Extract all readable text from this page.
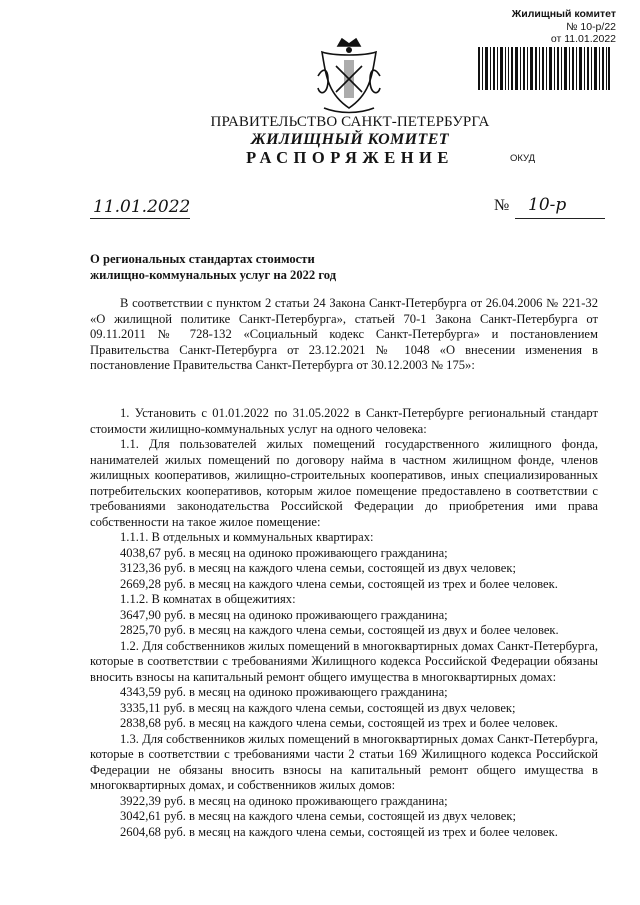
Жилищный комитет
№ 10-р/22
от 11.01.2022
ПРАВИТЕЛЬСТВО САНКТ-ПЕТЕРБУРГА
ЖИЛИЩНЫЙ КОМИТЕТ
РАСПОРЯЖЕНИЕ	ОКУД
11.01.2022	№ 10-р
О региональных стандартах стоимости
жилищно-коммунальных услуг на 2022 год
В соответствии с пунктом 2 статьи 24 Закона Санкт-Петербурга от 26.04.2006 № 221-32 «О жилищной политике Санкт-Петербурга», статьей 70-1 Закона Санкт-Петербурга от 09.11.2011 № 728-132 «Социальный кодекс Санкт-Петербурга» и постановлением Правительства Санкт-Петербурга от 23.12.2021 № 1048 «О внесении изменения в постановление Правительства Санкт-Петербурга от 30.12.2003 № 175»:
1. Установить с 01.01.2022 по 31.05.2022 в Санкт-Петербурге региональный стандарт стоимости жилищно-коммунальных услуг на одного человека:
1.1. Для пользователей жилых помещений государственного жилищного фонда, нанимателей жилых помещений по договору найма в частном жилищном фонде, членов жилищных кооперативов, жилищно-строительных кооперативов, иных специализированных потребительских кооперативов, которым жилое помещение предоставлено в соответствии с требованиями законодательства Российской Федерации до приобретения ими права собственности на такое жилое помещение:
1.1.1. В отдельных и коммунальных квартирах:
4038,67 руб. в месяц на одиноко проживающего гражданина;
3123,36 руб. в месяц на каждого члена семьи, состоящей из двух человек;
2669,28 руб. в месяц на каждого члена семьи, состоящей из трех и более человек.
1.1.2. В комнатах в общежитиях:
3647,90 руб. в месяц на одиноко проживающего гражданина;
2825,70 руб. в месяц на каждого члена семьи, состоящей из двух и более человек.
1.2. Для собственников жилых помещений в многоквартирных домах Санкт-Петербурга, которые в соответствии с требованиями Жилищного кодекса Российской Федерации обязаны вносить взносы на капитальный ремонт общего имущества в многоквартирных домах:
4343,59 руб. в месяц на одиноко проживающего гражданина;
3335,11 руб. в месяц на каждого члена семьи, состоящей из двух человек;
2838,68 руб. в месяц на каждого члена семьи, состоящей из трех и более человек.
1.3. Для собственников жилых помещений в многоквартирных домах Санкт-Петербурга, которые в соответствии с требованиями части 2 статьи 169 Жилищного кодекса Российской Федерации не обязаны вносить взносы на капитальный ремонт общего имущества в многоквартирных домах, и собственников жилых домов:
3922,39 руб. в месяц на одиноко проживающего гражданина;
3042,61 руб. в месяц на каждого члена семьи, состоящей из двух человек;
2604,68 руб. в месяц на каждого члена семьи, состоящей из трех и более человек.
